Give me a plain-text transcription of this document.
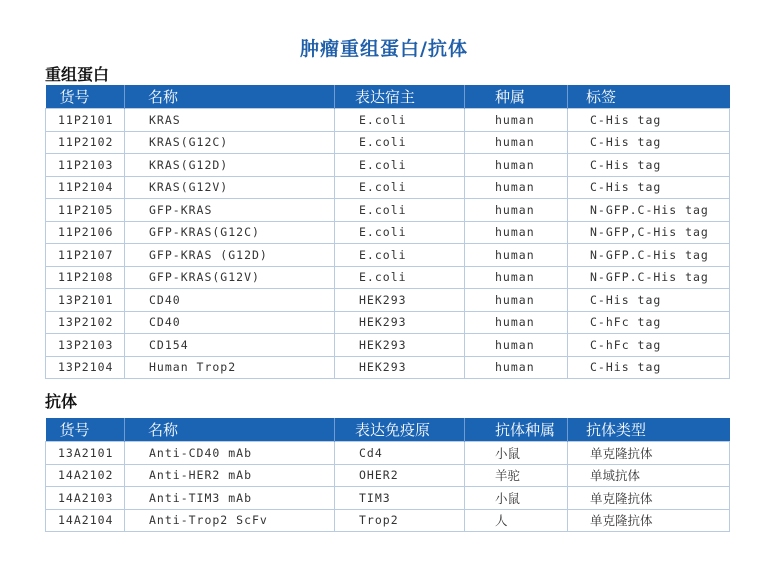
肿瘤重组蛋白/抗体
重组蛋白
货号	名称	表达宿主	种属	标签
11P2101	KRAS	E.coli	human	C-His tag
11P2102	KRAS(G12C)	E.coli	human	C-His tag
11P2103	KRAS(G12D)	E.coli	human	C-His tag
11P2104	KRAS(G12V)	E.coli	human	C-His tag
11P2105	GFP-KRAS	E.coli	human	N-GFP.C-His tag
11P2106	GFP-KRAS(G12C)	E.coli	human	N-GFP,C-His tag
11P2107	GFP-KRAS (G12D)	E.coli	human	N-GFP.C-His tag
11P2108	GFP-KRAS(G12V)	E.coli	human	N-GFP.C-His tag
13P2101	CD40	HEK293	human	C-His tag
13P2102	CD40	HEK293	human	C-hFc tag
13P2103	CD154	HEK293	human	C-hFc tag
13P2104	Human Trop2	HEK293	human	C-His tag
抗体
货号	名称	表达免疫原	抗体种属	抗体类型
13A2101	Anti-CD40 mAb	Cd4	小鼠	单克隆抗体
14A2102	Anti-HER2 mAb	OHER2	羊驼	单域抗体
14A2103	Anti-TIM3 mAb	TIM3	小鼠	单克隆抗体
14A2104	Anti-Trop2 ScFv	Trop2	人	单克隆抗体
